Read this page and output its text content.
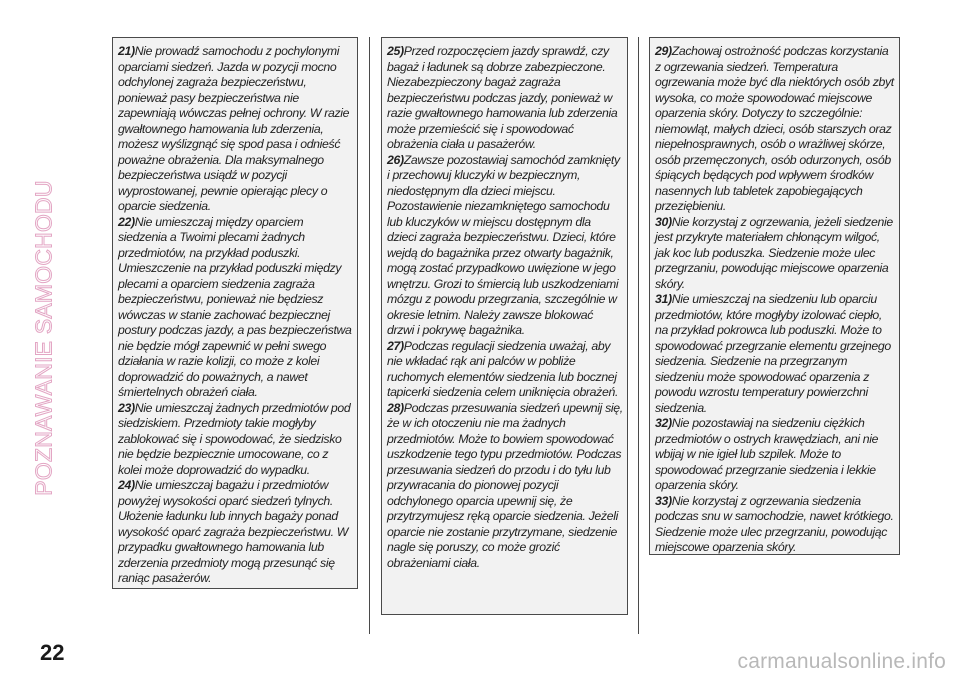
POZNAWANIE SAMOCHODU
21)Nie prowadź samochodu z pochylonymi oparciami siedzeń. Jazda w pozycji mocno odchylonej zagraża bezpieczeństwu, ponieważ pasy bezpieczeństwa nie zapewniają wówczas pełnej ochrony. W razie gwałtownego hamowania lub zderzenia, możesz wyślizgnąć się spod pasa i odnieść poważne obrażenia. Dla maksymalnego bezpieczeństwa usiądź w pozycji wyprostowanej, pewnie opierając plecy o oparcie siedzenia.
22)Nie umieszczaj między oparciem siedzenia a Twoimi plecami żadnych przedmiotów, na przykład poduszki. Umieszczenie na przykład poduszki między plecami a oparciem siedzenia zagraża bezpieczeństwu, ponieważ nie będziesz wówczas w stanie zachować bezpiecznej postury podczas jazdy, a pas bezpieczeństwa nie będzie mógł zapewnić w pełni swego działania w razie kolizji, co może z kolei doprowadzić do poważnych, a nawet śmiertelnych obrażeń ciała.
23)Nie umieszczaj żadnych przedmiotów pod siedziskiem. Przedmioty takie mogłyby zablokować się i spowodować, że siedzisko nie będzie bezpiecznie umocowane, co z kolei może doprowadzić do wypadku.
24)Nie umieszczaj bagażu i przedmiotów powyżej wysokości oparć siedzeń tylnych. Ułożenie ładunku lub innych bagaży ponad wysokość oparć zagraża bezpieczeństwu. W przypadku gwałtownego hamowania lub zderzenia przedmioty mogą przesunąć się raniąc pasażerów.
25)Przed rozpoczęciem jazdy sprawdź, czy bagaż i ładunek są dobrze zabezpieczone. Niezabezpieczony bagaż zagraża bezpieczeństwu podczas jazdy, ponieważ w razie gwałtownego hamowania lub zderzenia może przemieścić się i spowodować obrażenia ciała u pasażerów.
26)Zawsze pozostawiaj samochód zamknięty i przechowuj kluczyki w bezpiecznym, niedostępnym dla dzieci miejscu. Pozostawienie niezamkniętego samochodu lub kluczyków w miejscu dostępnym dla dzieci zagraża bezpieczeństwu. Dzieci, które wejdą do bagażnika przez otwarty bagażnik, mogą zostać przypadkowo uwięzione w jego wnętrzu. Grozi to śmiercią lub uszkodzeniami mózgu z powodu przegrzania, szczególnie w okresie letnim. Należy zawsze blokować drzwi i pokrywę bagażnika.
27)Podczas regulacji siedzenia uważaj, aby nie wkładać rąk ani palców w pobliże ruchomych elementów siedzenia lub bocznej tapicerki siedzenia celem uniknięcia obrażeń.
28)Podczas przesuwania siedzeń upewnij się, że w ich otoczeniu nie ma żadnych przedmiotów. Może to bowiem spowodować uszkodzenie tego typu przedmiotów. Podczas przesuwania siedzeń do przodu i do tyłu lub przywracania do pionowej pozycji odchylonego oparcia upewnij się, że przytrzymujesz ręką oparcie siedzenia. Jeżeli oparcie nie zostanie przytrzymane, siedzenie nagle się poruszy, co może grozić obrażeniami ciała.
29)Zachowaj ostrożność podczas korzystania z ogrzewania siedzeń. Temperatura ogrzewania może być dla niektórych osób zbyt wysoka, co może spowodować miejscowe oparzenia skóry. Dotyczy to szczególnie: niemowląt, małych dzieci, osób starszych oraz niepełnosprawnych, osób o wrażliwej skórze, osób przemęczonych, osób odurzonych, osób śpiących będących pod wpływem środków nasennych lub tabletek zapobiegających przeziębieniu.
30)Nie korzystaj z ogrzewania, jeżeli siedzenie jest przykryte materiałem chłonącym wilgoć, jak koc lub poduszka. Siedzenie może ulec przegrzaniu, powodując miejscowe oparzenia skóry.
31)Nie umieszczaj na siedzeniu lub oparciu przedmiotów, które mogłyby izolować ciepło, na przykład pokrowca lub poduszki. Może to spowodować przegrzanie elementu grzejnego siedzenia. Siedzenie na przegrzanym siedzeniu może spowodować oparzenia z powodu wzrostu temperatury powierzchni siedzenia.
32)Nie pozostawiaj na siedzeniu ciężkich przedmiotów o ostrych krawędziach, ani nie wbijaj w nie igieł lub szpilek. Może to spowodować przegrzanie siedzenia i lekkie oparzenia skóry.
33)Nie korzystaj z ogrzewania siedzenia podczas snu w samochodzie, nawet krótkiego. Siedzenie może ulec przegrzaniu, powodując miejscowe oparzenia skóry.
22	carmanualsonline.info
